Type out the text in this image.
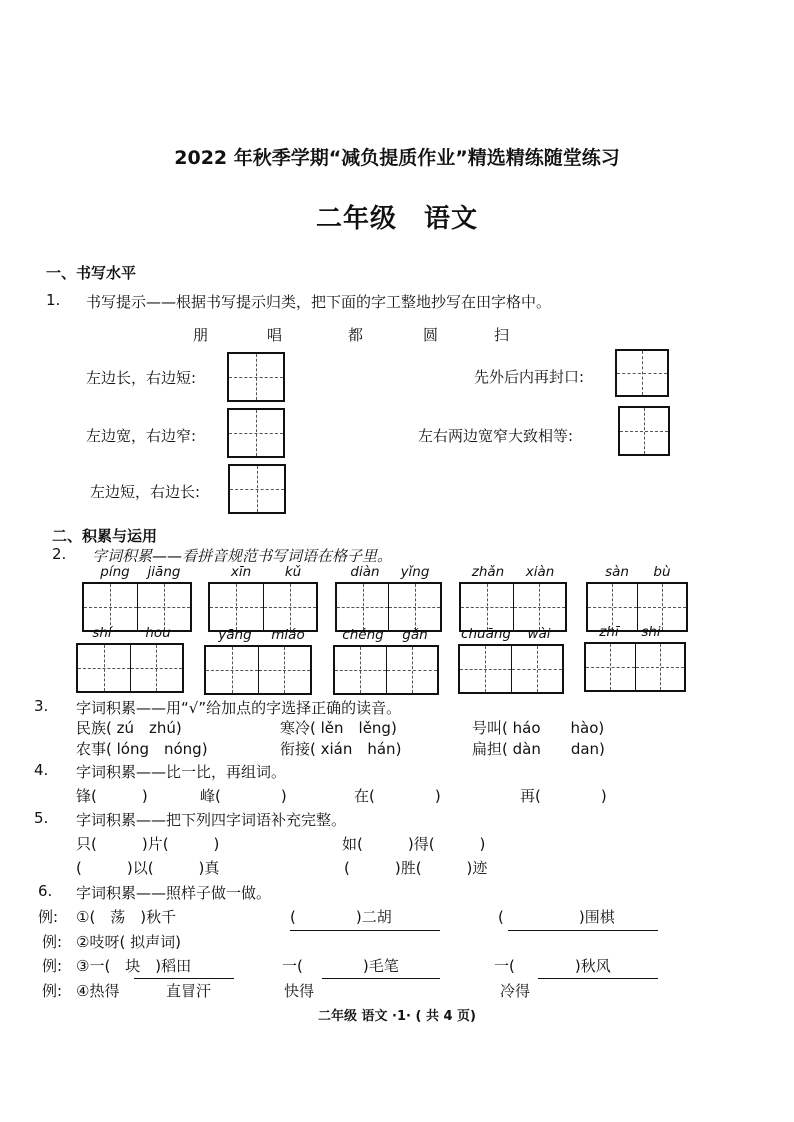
2022 年秋季学期“减负提质作业”精选精练随堂练习
二年级　语文
一、书写水平
1. 书写提示——根据书写提示归类，把下面的字工整地抄写在田字格中。
朋	唱	都	圆	扫
左边长，右边短:
左边宽，右边窄:
左边短，右边长:
先外后内再封口:
左右两边宽窄大致相等:
二、积累与运用
2. 字词积累——看拼音规范书写词语在格子里。
píng	jiāng	xīn	kǔ	diàn	yǐng	zhǎn	xiàn	sàn	bù
shí	hou	yāng	miáo	chéng	gǎn	chuāng	wài	zhī	shi
3. 字词积累——用“√”给加点的字选择正确的读音。
民族( zú　zhú)	寒冷( lěn　lěng)	号叫( háo　　hào)
农事( lóng　nóng)	衔接( xián　hán)	扁担( dàn　　dan)
4. 字词积累——比一比，再组词。
锋(　　　)	峰(　　　　)	在(　　　　)	再(　　　　)
5. 字词积累——把下列四字词语补充完整。
只(　　　)片(　　　)	如(　　　)得(　　　)
(　　　)以(　　　)真	(　　　)胜(　　　)迹
6. 字词积累——照样子做一做。
例: ①(　荡　)秋千	(　　　　)二胡	(　　　　　)围棋
例: ②吱呀( 拟声词)
例: ③一(　块　)稻田	一(　　　　)毛笔	一(　　　　)秋风
例: ④热得	直冒汗	快得	冷得
二年级 语文 ·1· ( 共 4 页)
